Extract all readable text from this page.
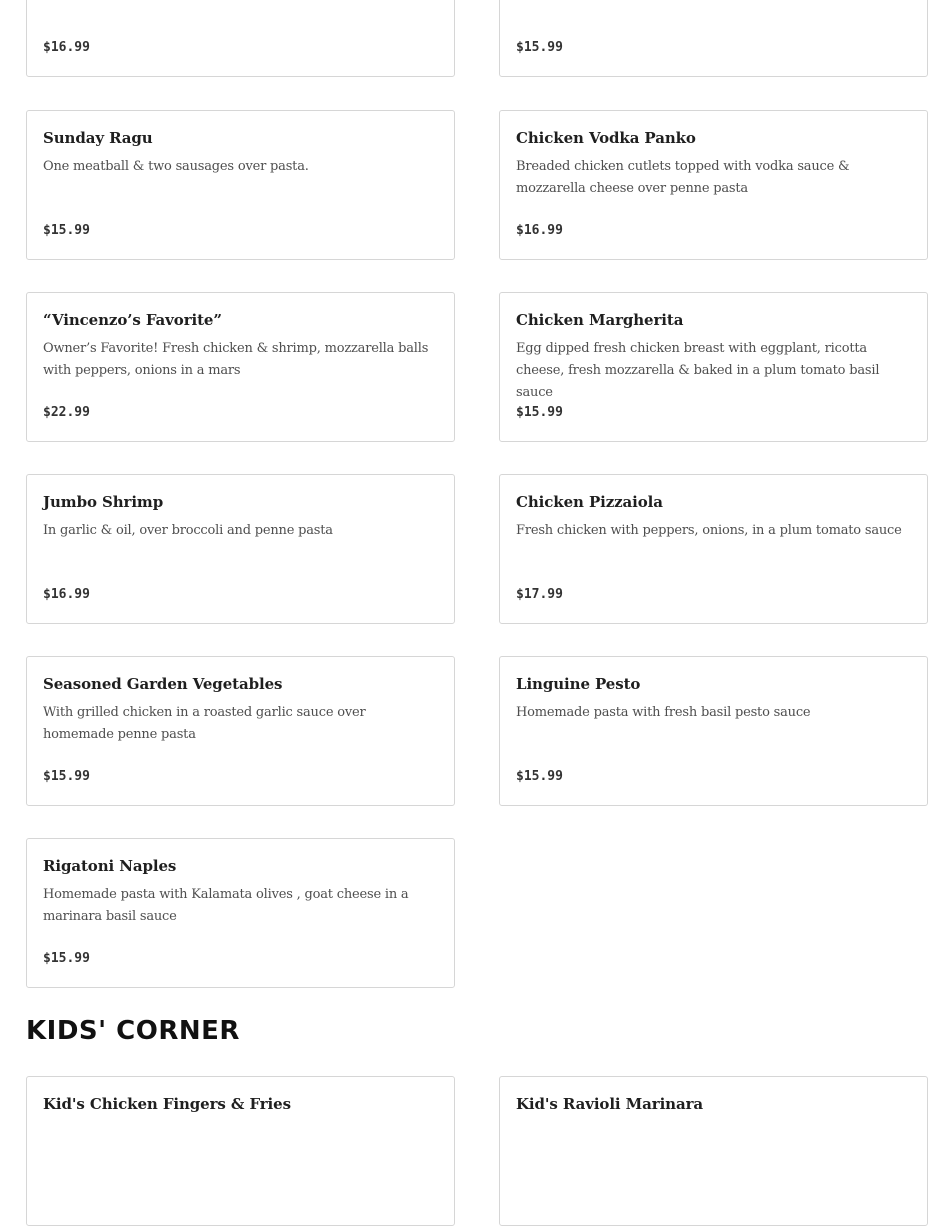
$16.99	$15.99
Sunday Ragu
One meatball & two sausages over pasta.
$15.99
Chicken Vodka Panko
Breaded chicken cutlets topped with vodka sauce & mozzarella cheese over penne pasta
$16.99
“Vincenzo’s Favorite”
Owner’s Favorite! Fresh chicken & shrimp, mozzarella balls with peppers, onions in a mars
$22.99
Chicken Margherita
Egg dipped fresh chicken breast with eggplant, ricotta cheese, fresh mozzarella & baked in a plum tomato basil sauce
$15.99
Jumbo Shrimp
In garlic & oil, over broccoli and penne pasta
$16.99
Chicken Pizzaiola
Fresh chicken with peppers, onions, in a plum tomato sauce
$17.99
Seasoned Garden Vegetables
With grilled chicken in a roasted garlic sauce over homemade penne pasta
$15.99
Linguine Pesto
Homemade pasta with fresh basil pesto sauce
$15.99
Rigatoni Naples
Homemade pasta with Kalamata olives , goat cheese in a marinara basil sauce
$15.99
KIDS' CORNER
Kid's Chicken Fingers & Fries	Kid's Ravioli Marinara
